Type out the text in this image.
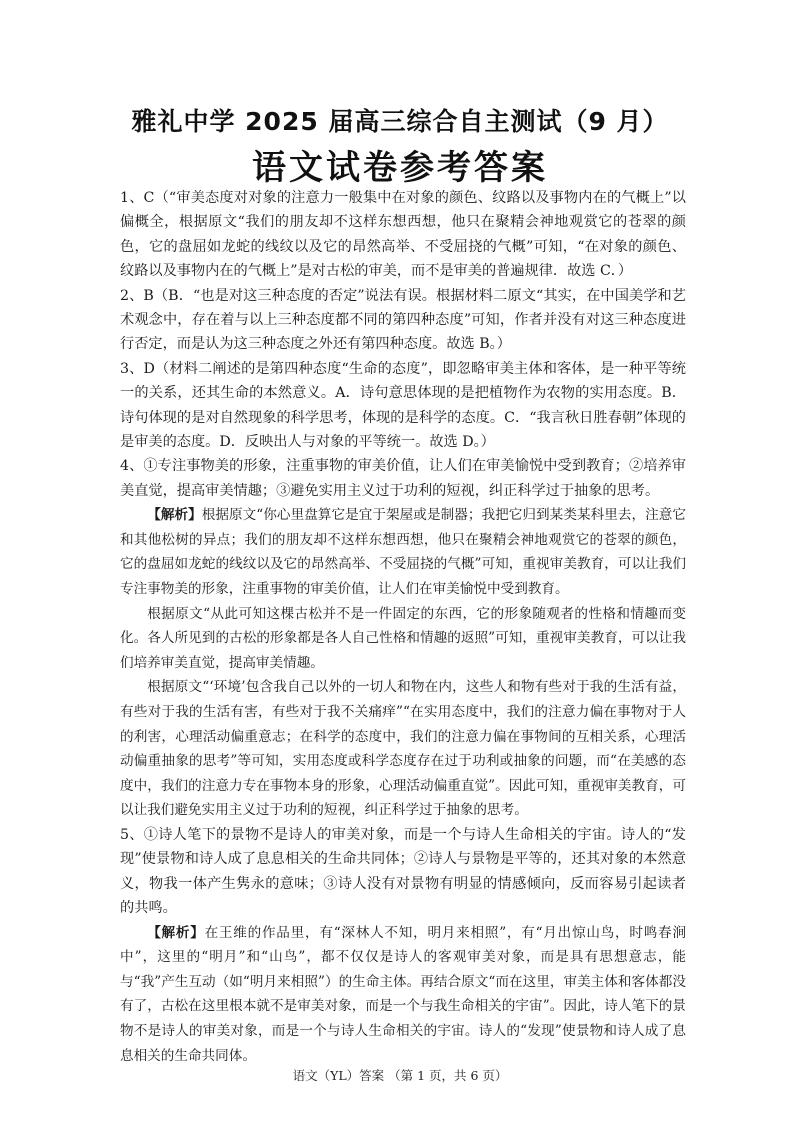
雅礼中学 2025 届高三综合自主测试（9 月）
语文试卷参考答案

1、C（“审美态度对对象的注意力一般集中在对象的颜色、纹路以及事物内在的气概上”以偏概全，根据原文“我们的朋友却不这样东想西想，他只在聚精会神地观赏它的苍翠的颜色，它的盘屈如龙蛇的线纹以及它的昂然高举、不受屈挠的气概”可知，“在对象的颜色、纹路以及事物内在的气概上”是对古松的审美，而不是审美的普遍规律．故选 C．）

2、B（B．“也是对这三种态度的否定”说法有误。根据材料二原文“其实，在中国美学和艺术观念中，存在着与以上三种态度都不同的第四种态度”可知，作者并没有对这三种态度进行否定，而是认为这三种态度之外还有第四种态度。故选 B。）

3、D（材料二阐述的是第四种态度“生命的态度”，即忽略审美主体和客体，是一种平等统一的关系，还其生命的本然意义。A．诗句意思体现的是把植物作为农物的实用态度。B．诗句体现的是对自然现象的科学思考，体现的是科学的态度。C．“我言秋日胜春朝”体现的是审美的态度。D．反映出人与对象的平等统一。故选 D。）

4、①专注事物美的形象，注重事物的审美价值，让人们在审美愉悦中受到教育；②培养审美直觉，提高审美情趣；③避免实用主义过于功利的短视，纠正科学过于抽象的思考。

【解析】根据原文“你心里盘算它是宜于架屋或是制器；我把它归到某类某科里去，注意它和其他松树的异点；我们的朋友却不这样东想西想，他只在聚精会神地观赏它的苍翠的颜色，它的盘屈如龙蛇的线纹以及它的昂然高举、不受屈挠的气概”可知，重视审美教育，可以让我们专注事物美的形象，注重事物的审美价值，让人们在审美愉悦中受到教育。

根据原文“从此可知这棵古松并不是一件固定的东西，它的形象随观者的性格和情趣而变化。各人所见到的古松的形象都是各人自己性格和情趣的返照”可知，重视审美教育，可以让我们培养审美直觉，提高审美情趣。

根据原文“‘环境’包含我自己以外的一切人和物在内，这些人和物有些对于我的生活有益，有些对于我的生活有害，有些对于我不关痛痒”“在实用态度中，我们的注意力偏在事物对于人的利害，心理活动偏重意志；在科学的态度中，我们的注意力偏在事物间的互相关系，心理活动偏重抽象的思考”等可知，实用态度或科学态度存在过于功利或抽象的问题，而“在美感的态度中，我们的注意力专在事物本身的形象，心理活动偏重直觉”。因此可知，重视审美教育，可以让我们避免实用主义过于功利的短视，纠正科学过于抽象的思考。

5、①诗人笔下的景物不是诗人的审美对象，而是一个与诗人生命相关的宇宙。诗人的“发现”使景物和诗人成了息息相关的生命共同体；②诗人与景物是平等的，还其对象的本然意义，物我一体产生隽永的意味；③诗人没有对景物有明显的情感倾向，反而容易引起读者的共鸣。

【解析】在王维的作品里，有“深林人不知，明月来相照”，有“月出惊山鸟，时鸣春涧中”，这里的“明月”和“山鸟”，都不仅仅是诗人的客观审美对象，而是具有思想意志，能与“我”产生互动（如“明月来相照”）的生命主体。再结合原文“而在这里，审美主体和客体都没有了，古松在这里根本就不是审美对象，而是一个与我生命相关的宇宙”。因此，诗人笔下的景物不是诗人的审美对象，而是一个与诗人生命相关的宇宙。诗人的“发现”使景物和诗人成了息息相关的生命共同体。

语文（YL）答案 （第 1 页，共 6 页）
